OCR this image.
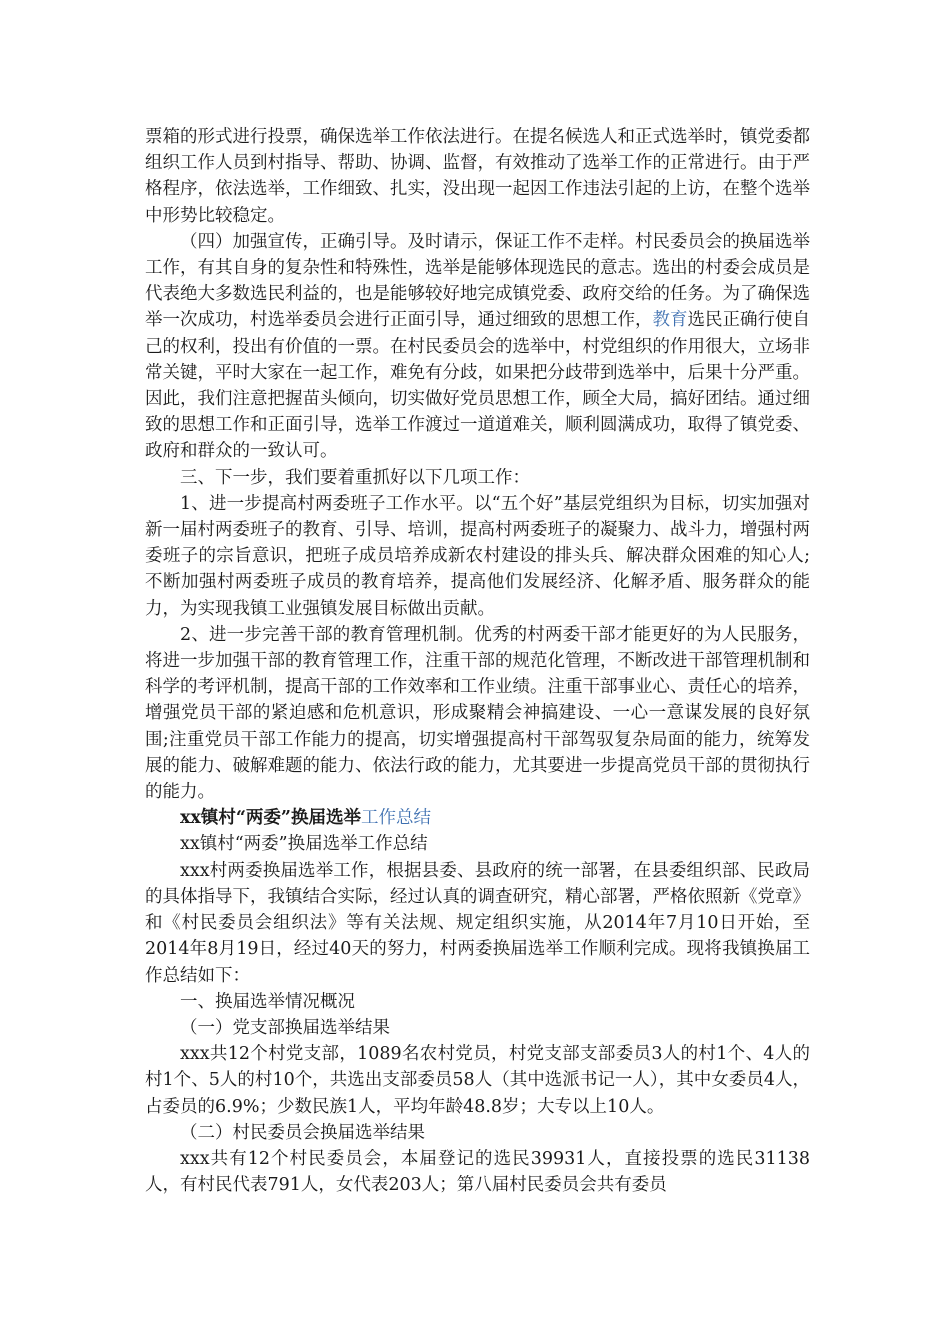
票箱的形式进行投票，确保选举工作依法进行。在提名候选人和正式选举时，镇党委都组织工作人员到村指导、帮助、协调、监督，有效推动了选举工作的正常进行。由于严格程序，依法选举，工作细致、扎实，没出现一起因工作违法引起的上访，在整个选举中形势比较稳定。

（四）加强宣传，正确引导。及时请示，保证工作不走样。村民委员会的换届选举工作，有其自身的复杂性和特殊性，选举是能够体现选民的意志。选出的村委会成员是代表绝大多数选民利益的，也是能够较好地完成镇党委、政府交给的任务。为了确保选举一次成功，村选举委员会进行正面引导，通过细致的思想工作，教育选民正确行使自己的权利，投出有价值的一票。在村民委员会的选举中，村党组织的作用很大，立场非常关键，平时大家在一起工作，难免有分歧，如果把分歧带到选举中，后果十分严重。因此，我们注意把握苗头倾向，切实做好党员思想工作，顾全大局，搞好团结。通过细致的思想工作和正面引导，选举工作渡过一道道难关，顺利圆满成功，取得了镇党委、政府和群众的一致认可。

三、下一步，我们要着重抓好以下几项工作：

1、进一步提高村两委班子工作水平。以“五个好”基层党组织为目标，切实加强对新一届村两委班子的教育、引导、培训，提高村两委班子的凝聚力、战斗力，增强村两委班子的宗旨意识，把班子成员培养成新农村建设的排头兵、解决群众困难的知心人;不断加强村两委班子成员的教育培养，提高他们发展经济、化解矛盾、服务群众的能力，为实现我镇工业强镇发展目标做出贡献。

2、进一步完善干部的教育管理机制。优秀的村两委干部才能更好的为人民服务，将进一步加强干部的教育管理工作，注重干部的规范化管理，不断改进干部管理机制和科学的考评机制，提高干部的工作效率和工作业绩。注重干部事业心、责任心的培养，增强党员干部的紧迫感和危机意识，形成聚精会神搞建设、一心一意谋发展的良好氛围;注重党员干部工作能力的提高，切实增强提高村干部驾驭复杂局面的能力，统筹发展的能力、破解难题的能力、依法行政的能力，尤其要进一步提高党员干部的贯彻执行的能力。

xx镇村“两委”换届选举工作总结

xx镇村“两委”换届选举工作总结

xxx村两委换届选举工作，根据县委、县政府的统一部署，在县委组织部、民政局的具体指导下，我镇结合实际，经过认真的调查研究，精心部署，严格依照新《党章》和《村民委员会组织法》等有关法规、规定组织实施，从2014年7月10日开始，至2014年8月19日，经过40天的努力，村两委换届选举工作顺利完成。现将我镇换届工作总结如下：

一、换届选举情况概况

（一）党支部换届选举结果

xxx共12个村党支部，1089名农村党员，村党支部支部委员3人的村1个、4人的村1个、5人的村10个，共选出支部委员58人（其中选派书记一人），其中女委员4人，占委员的6.9%；少数民族1人，平均年龄48.8岁；大专以上10人。

（二）村民委员会换届选举结果

xxx共有12个村民委员会，本届登记的选民39931人，直接投票的选民31138人，有村民代表791人，女代表203人；第八届村民委员会共有委员
